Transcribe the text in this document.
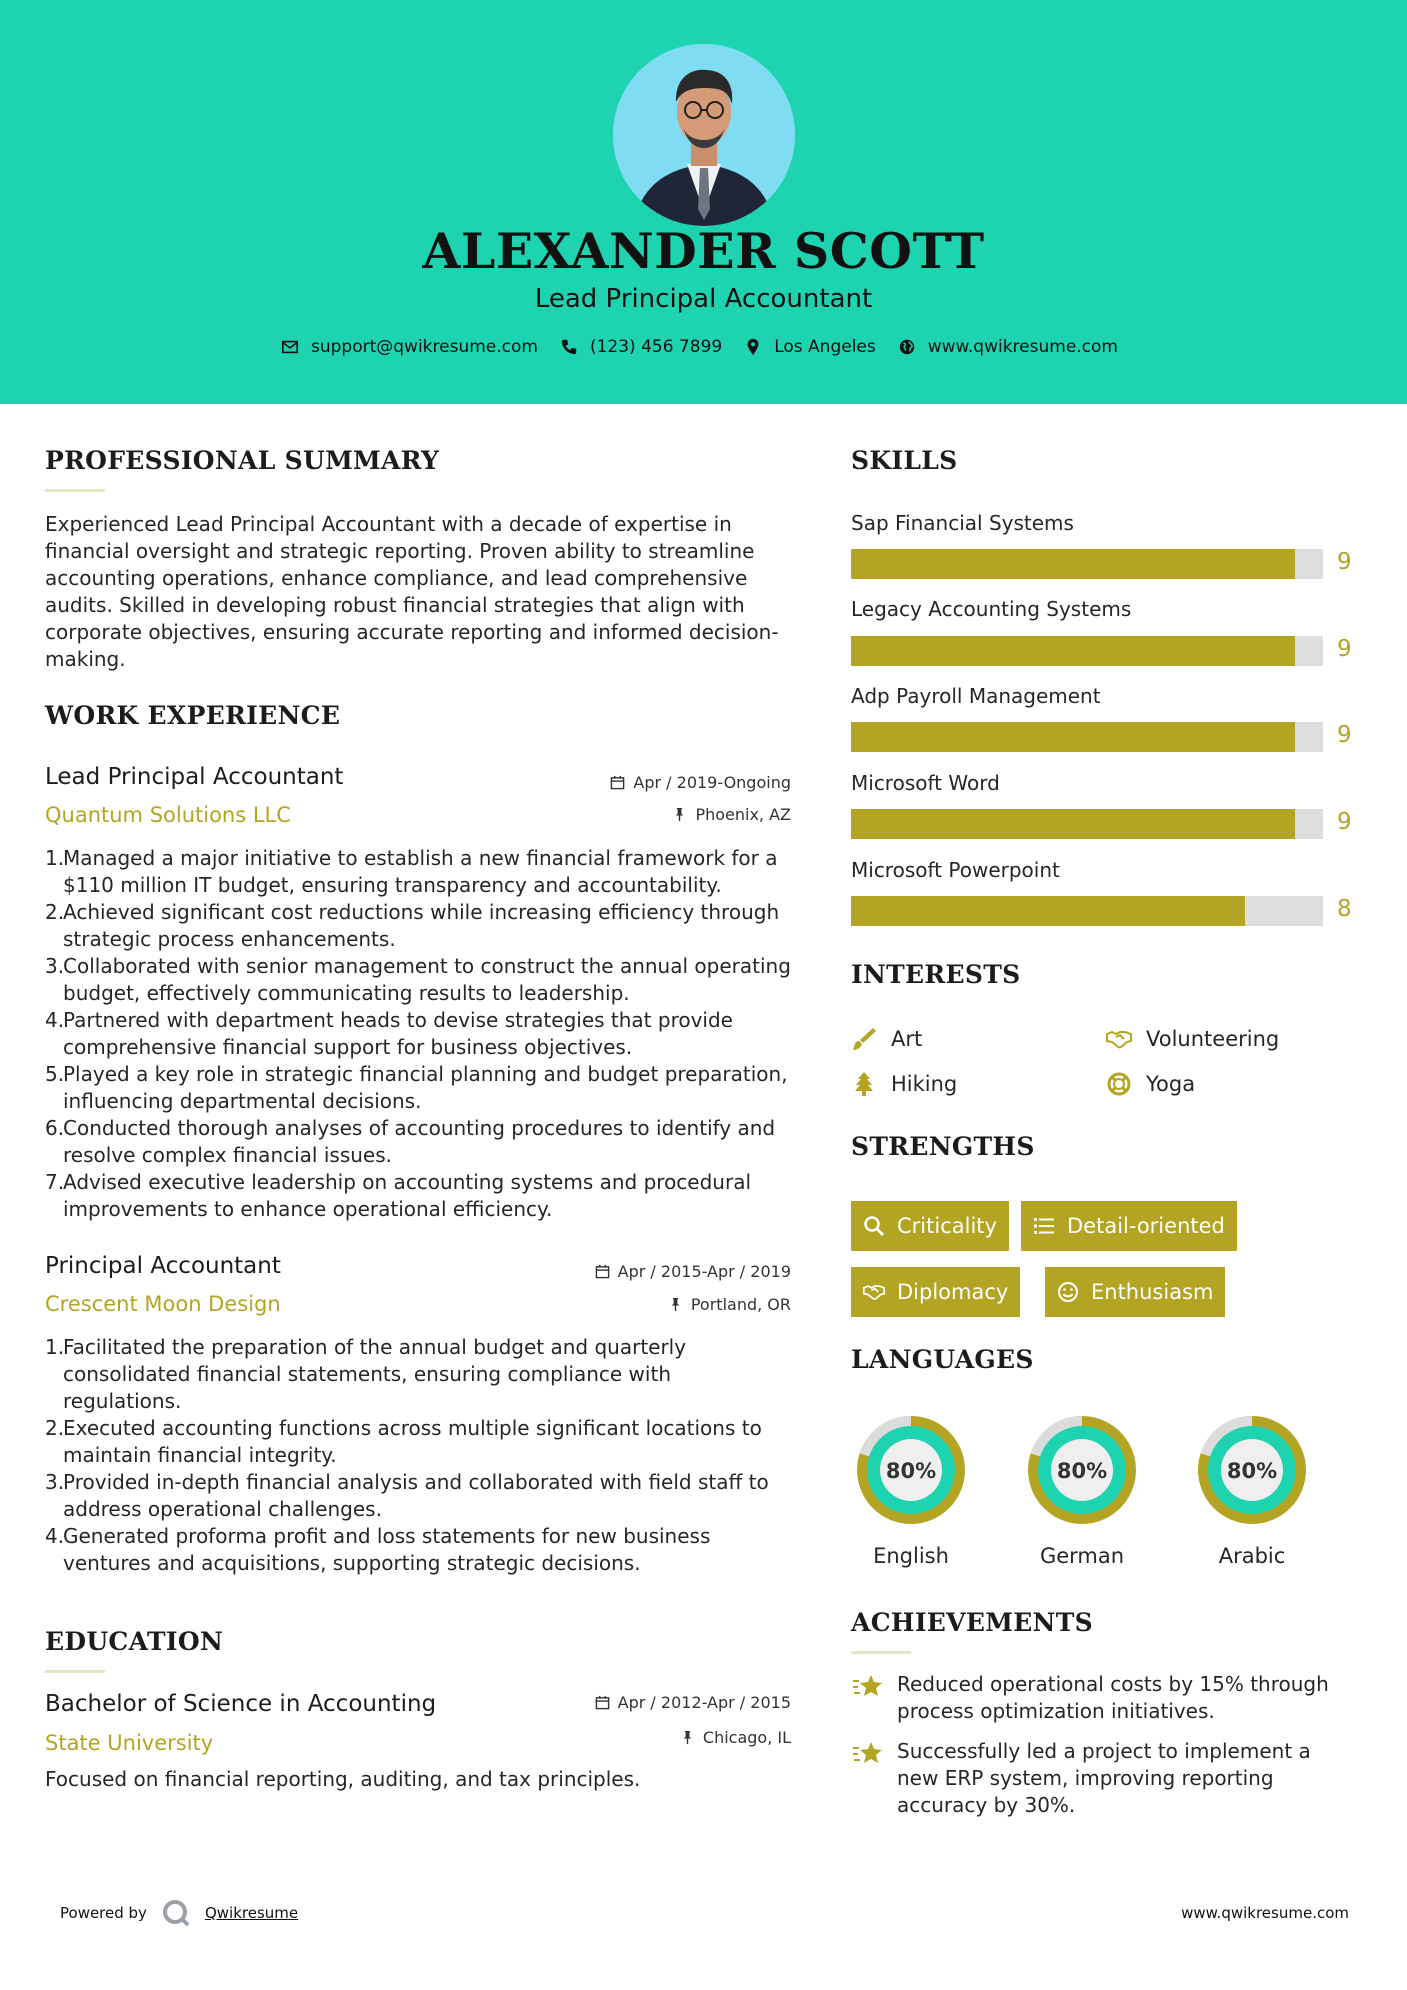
ALEXANDER SCOTT
Lead Principal Accountant
support@qwikresume.com	(123) 456 7899	Los Angeles	www.qwikresume.com
PROFESSIONAL SUMMARY
Experienced Lead Principal Accountant with a decade of expertise in financial oversight and strategic reporting. Proven ability to streamline accounting operations, enhance compliance, and lead comprehensive audits. Skilled in developing robust financial strategies that align with corporate objectives, ensuring accurate reporting and informed decision-making.
WORK EXPERIENCE
Lead Principal Accountant
Quantum Solutions LLC
Apr / 2019-Ongoing
Phoenix, AZ
1.
Managed a major initiative to establish a new financial framework for a $110 million IT budget, ensuring transparency and accountability.
2.
Achieved significant cost reductions while increasing efficiency through strategic process enhancements.
3.
Collaborated with senior management to construct the annual operating budget, effectively communicating results to leadership.
4.
Partnered with department heads to devise strategies that provide comprehensive financial support for business objectives.
5.
Played a key role in strategic financial planning and budget preparation, influencing departmental decisions.
6.
Conducted thorough analyses of accounting procedures to identify and resolve complex financial issues.
7.
Advised executive leadership on accounting systems and procedural improvements to enhance operational efficiency.
Principal Accountant
Crescent Moon Design
Apr / 2015-Apr / 2019
Portland, OR
1.
Facilitated the preparation of the annual budget and quarterly consolidated financial statements, ensuring compliance with regulations.
2.
Executed accounting functions across multiple significant locations to maintain financial integrity.
3.
Provided in-depth financial analysis and collaborated with field staff to address operational challenges.
4.
Generated proforma profit and loss statements for new business ventures and acquisitions, supporting strategic decisions.
EDUCATION
Bachelor of Science in Accounting
State University
Apr / 2012-Apr / 2015
Chicago, IL
Focused on financial reporting, auditing, and tax principles.
SKILLS
Sap Financial Systems
9
Legacy Accounting Systems
9
Adp Payroll Management
9
Microsoft Word
9
Microsoft Powerpoint
8
INTERESTS
Art	Volunteering
Hiking	Yoga
STRENGTHS
Criticality	Detail-oriented
Diplomacy	Enthusiasm
LANGUAGES
80%
English
80%
German
80%
Arabic
ACHIEVEMENTS
Reduced operational costs by 15% through process optimization initiatives.
Successfully led a project to implement a new ERP system, improving reporting accuracy by 30%.
Powered by	Qwikresume	www.qwikresume.com
